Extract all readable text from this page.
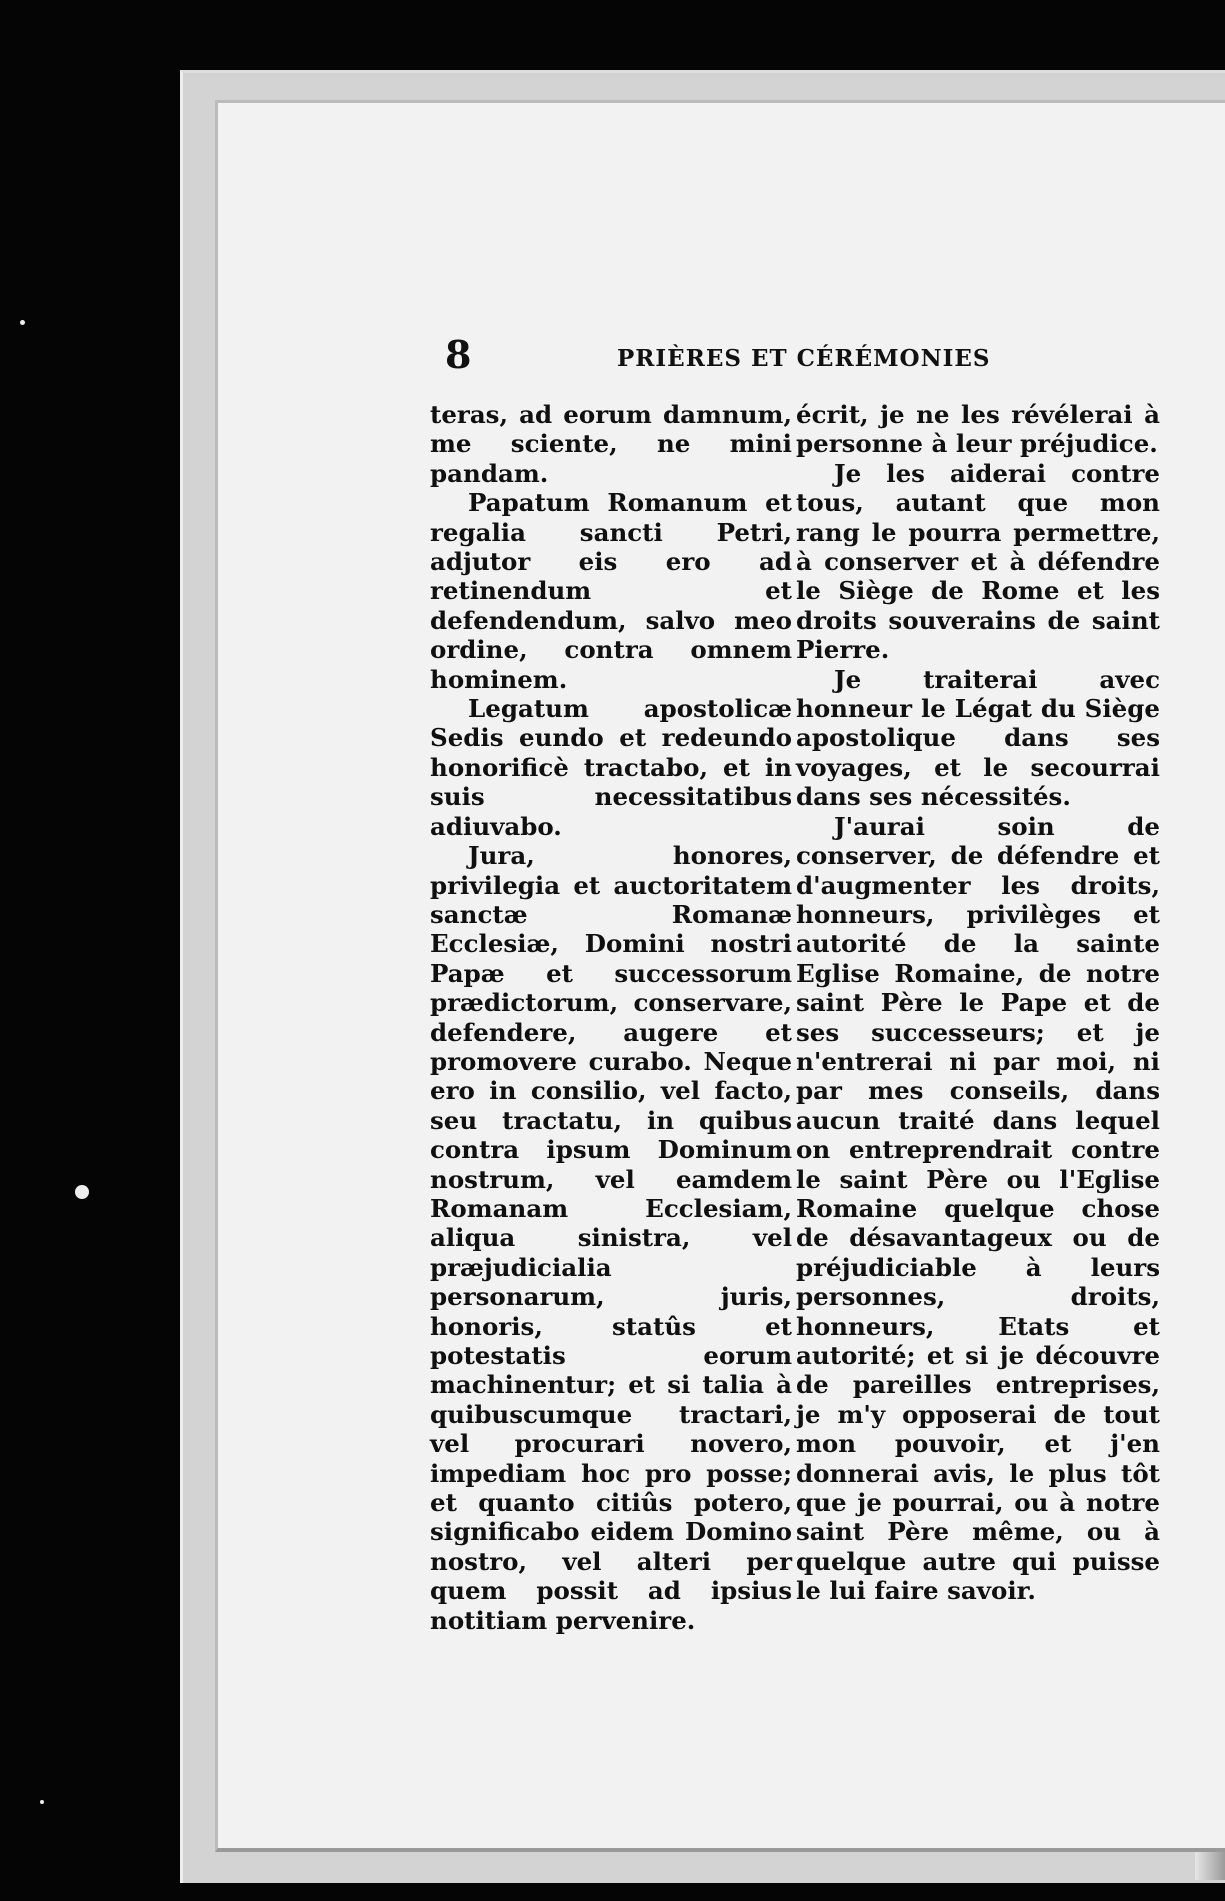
8	PRIÈRES ET CÉRÉMONIES

teras, ad eorum damnum, me sciente, ne mini pandam.

Papatum Romanum et regalia sancti Petri, adjutor eis ero ad retinendum et defendendum, salvo meo ordine, contra omnem hominem.

Legatum apostolicæ Sedis eundo et redeundo honorificè tractabo, et in suis necessitatibus adiuvabo.

Jura, honores, privilegia et auctoritatem sanctæ Romanæ Ecclesiæ, Domini nostri Papæ et successorum prædictorum, conservare, defendere, augere et promovere curabo. Neque ero in consilio, vel facto, seu tractatu, in quibus contra ipsum Dominum nostrum, vel eamdem Romanam Ecclesiam, aliqua sinistra, vel præjudicialia personarum, juris, honoris, statûs et potestatis eorum machinentur; et si talia à quibuscumque tractari, vel procurari novero, impediam hoc pro posse; et quanto citiûs potero, significabo eidem Domino nostro, vel alteri per quem possit ad ipsius notitiam pervenire.

écrit, je ne les révélerai à personne à leur préjudice.

Je les aiderai contre tous, autant que mon rang le pourra permettre, à conserver et à défendre le Siège de Rome et les droits souverains de saint Pierre.

Je traiterai avec honneur le Légat du Siège apostolique dans ses voyages, et le secourrai dans ses nécessités.

J'aurai soin de conserver, de défendre et d'augmenter les droits, honneurs, privilèges et autorité de la sainte Eglise Romaine, de notre saint Père le Pape et de ses successeurs; et je n'entrerai ni par moi, ni par mes conseils, dans aucun traité dans lequel on entreprendrait contre le saint Père ou l'Eglise Romaine quelque chose de désavantageux ou de préjudiciable à leurs personnes, droits, honneurs, Etats et autorité; et si je découvre de pareilles entreprises, je m'y opposerai de tout mon pouvoir, et j'en donnerai avis, le plus tôt que je pourrai, ou à notre saint Père même, ou à quelque autre qui puisse le lui faire savoir.
